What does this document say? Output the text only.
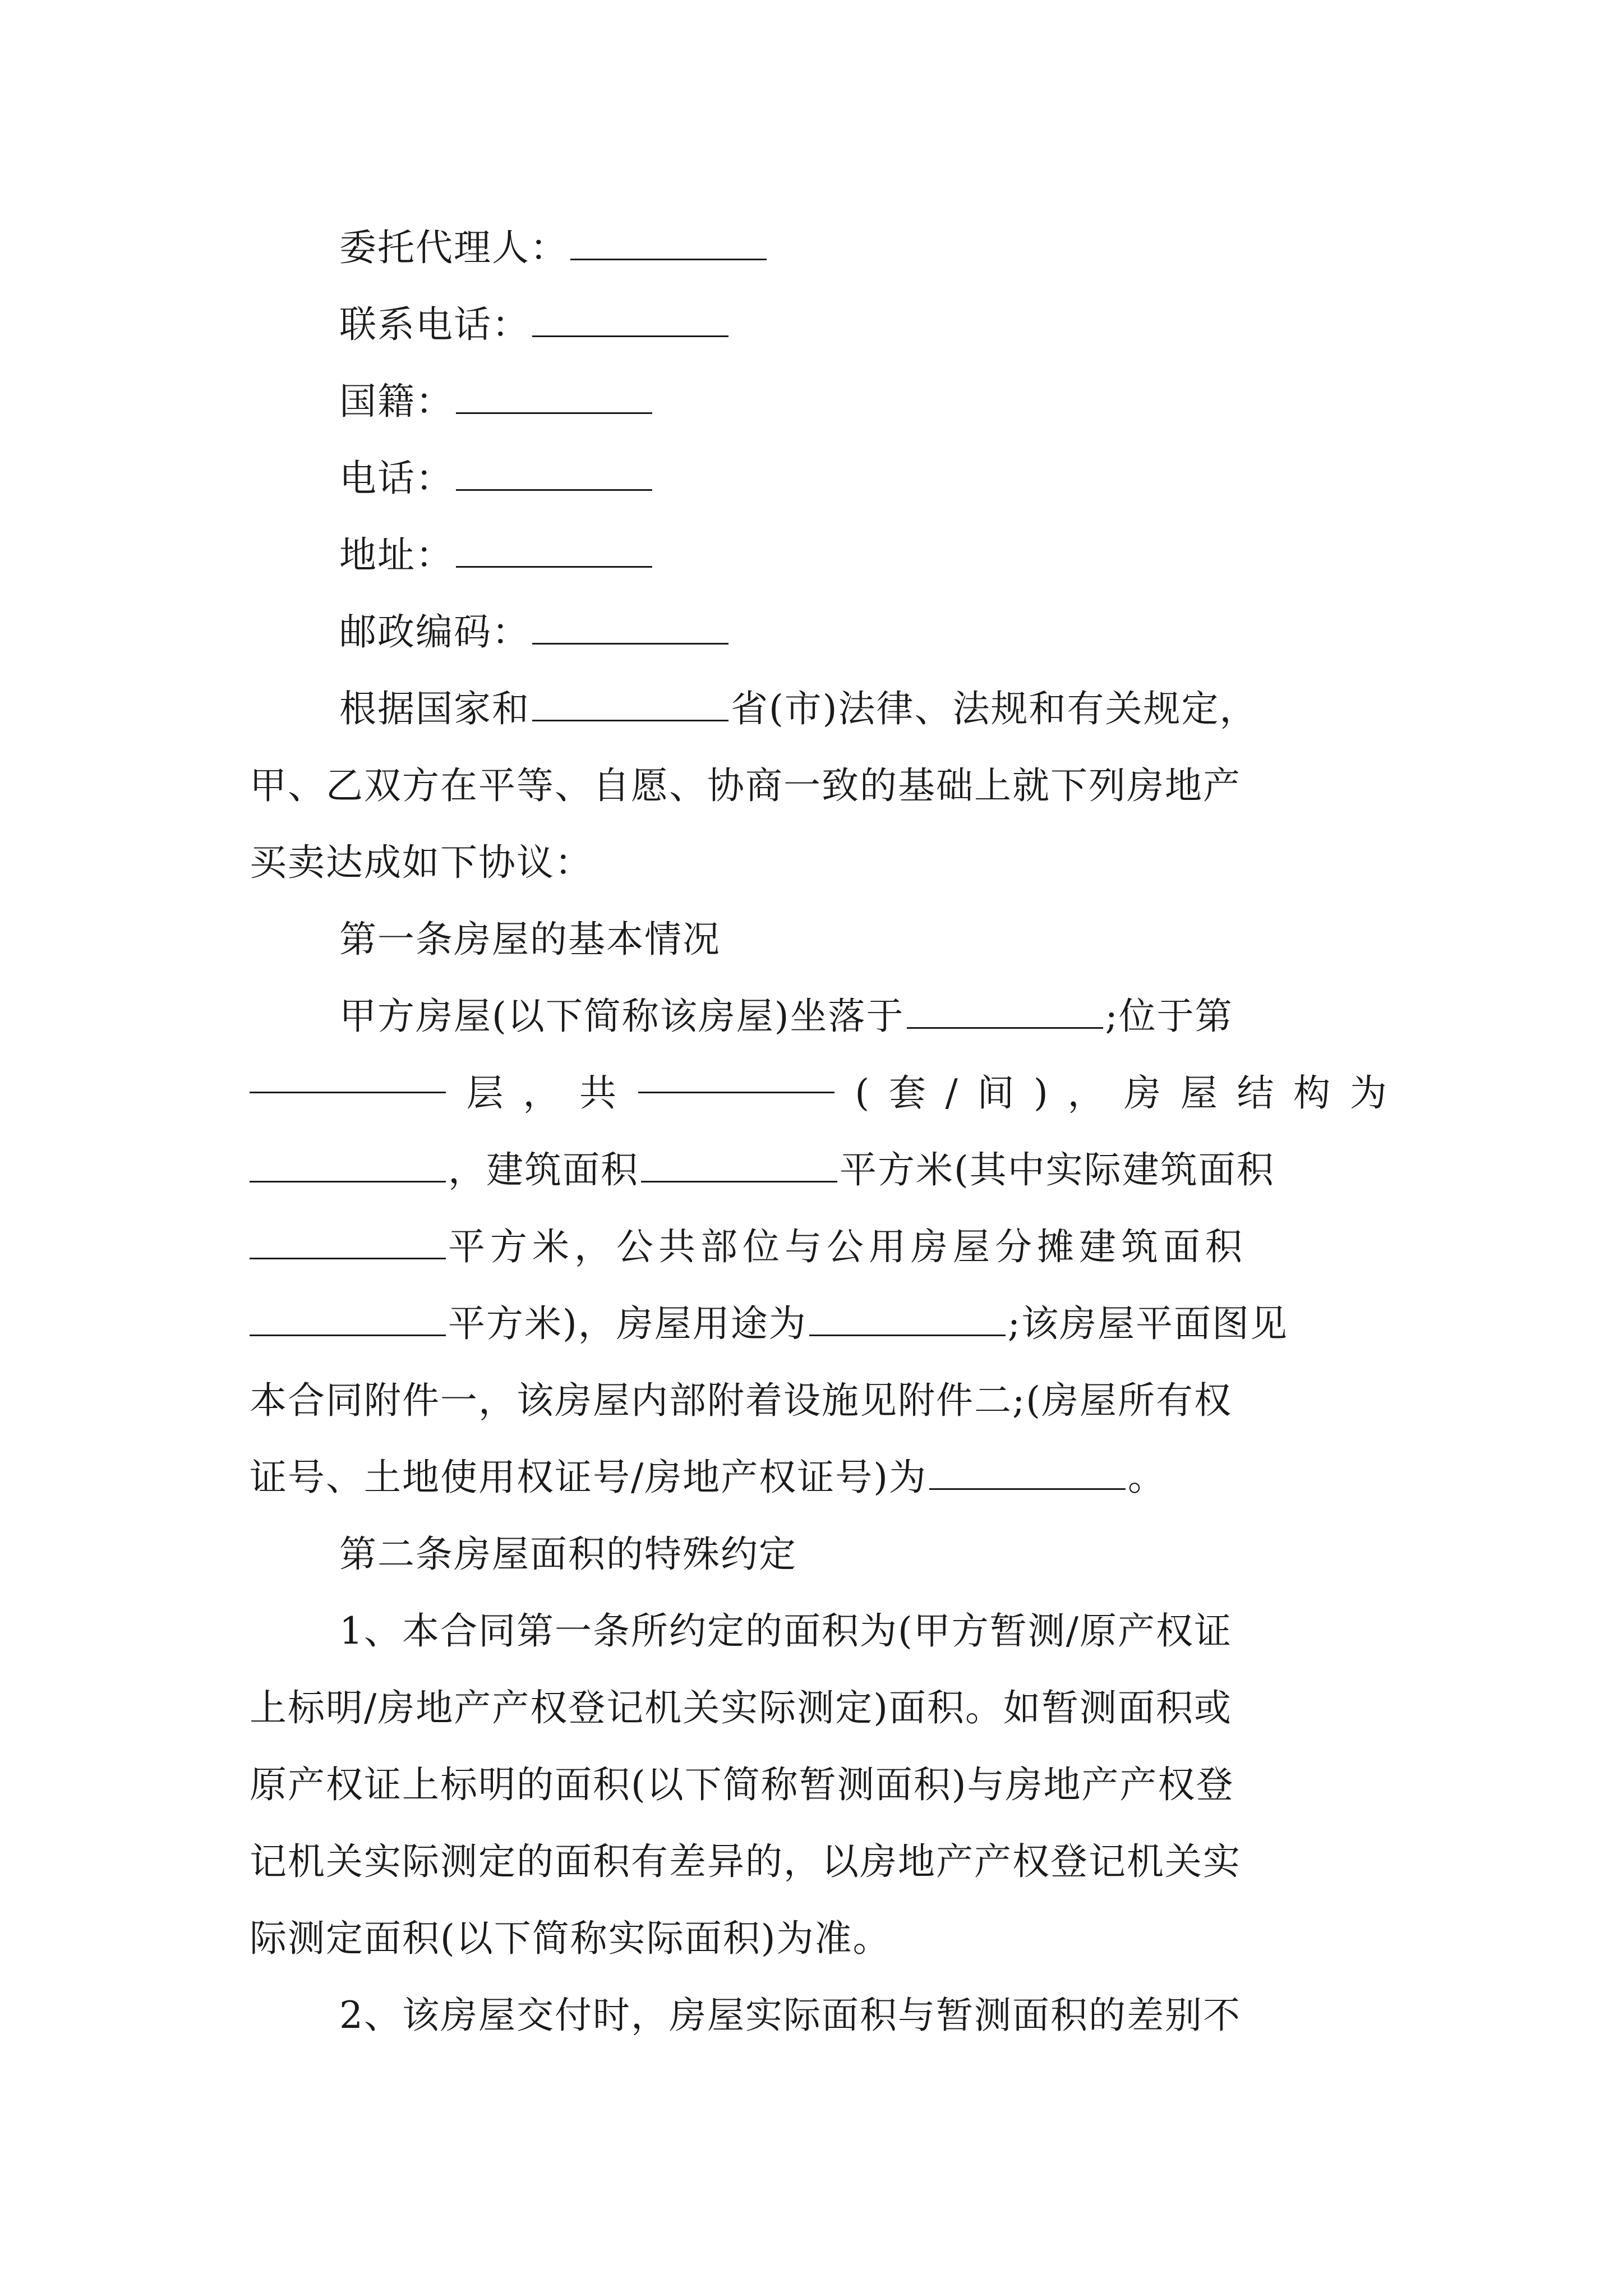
委托代理人：
联系电话：
国籍：
电话：
地址：
邮政编码：
根据国家和	省(市)法律、法规和有关规定，
甲、乙双方在平等、自愿、协商一致的基础上就下列房地产
买卖达成如下协议：
第一条房屋的基本情况
甲方房屋(以下简称该房屋)坐落于	;位于第
层 ， 共	( 套 / 间 ) ， 房 屋 结 构 为
，建筑面积	平方米(其中实际建筑面积
平方米，公共部位与公用房屋分摊建筑面积
平方米)，房屋用途为	;该房屋平面图见
本合同附件一，该房屋内部附着设施见附件二;(房屋所有权
证号、土地使用权证号/房地产权证号)为	。
第二条房屋面积的特殊约定
1、本合同第一条所约定的面积为(甲方暂测/原产权证
上标明/房地产产权登记机关实际测定)面积。如暂测面积或
原产权证上标明的面积(以下简称暂测面积)与房地产产权登
记机关实际测定的面积有差异的，以房地产产权登记机关实
际测定面积(以下简称实际面积)为准。
2、该房屋交付时，房屋实际面积与暂测面积的差别不
